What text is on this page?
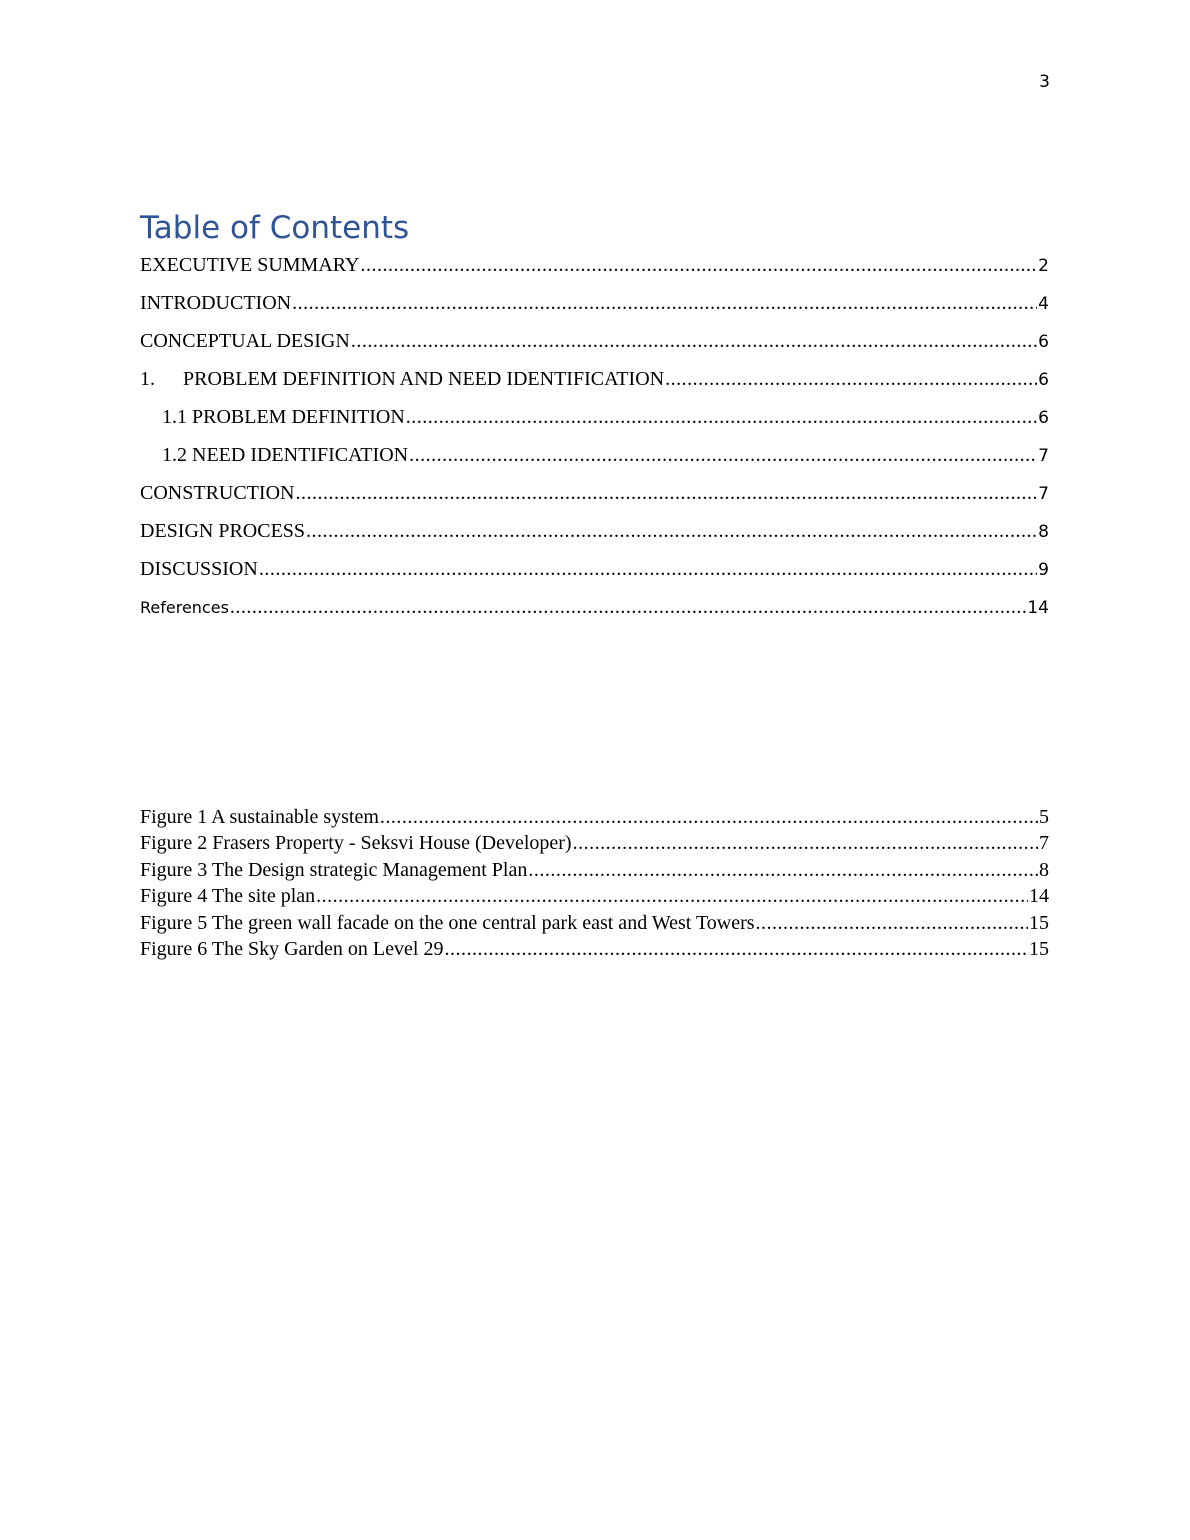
3
Table of Contents
EXECUTIVE SUMMARY .....	2
INTRODUCTION .....	4
CONCEPTUAL DESIGN .....	6
1. PROBLEM DEFINITION AND NEED IDENTIFICATION .....	6
1.1 PROBLEM DEFINITION .....	6
1.2 NEED IDENTIFICATION .....	7
CONSTRUCTION .....	7
DESIGN PROCESS .....	8
DISCUSSION .....	9
References .....	14
Figure 1 A sustainable system .....	5
Figure 2 Frasers Property - Seksvi House (Developer) .....	7
Figure 3 The Design strategic Management Plan .....	8
Figure 4 The site plan .....	14
Figure 5 The green wall facade on the one central park east and West Towers .....	15
Figure 6 The Sky Garden on Level 29 .....	15
